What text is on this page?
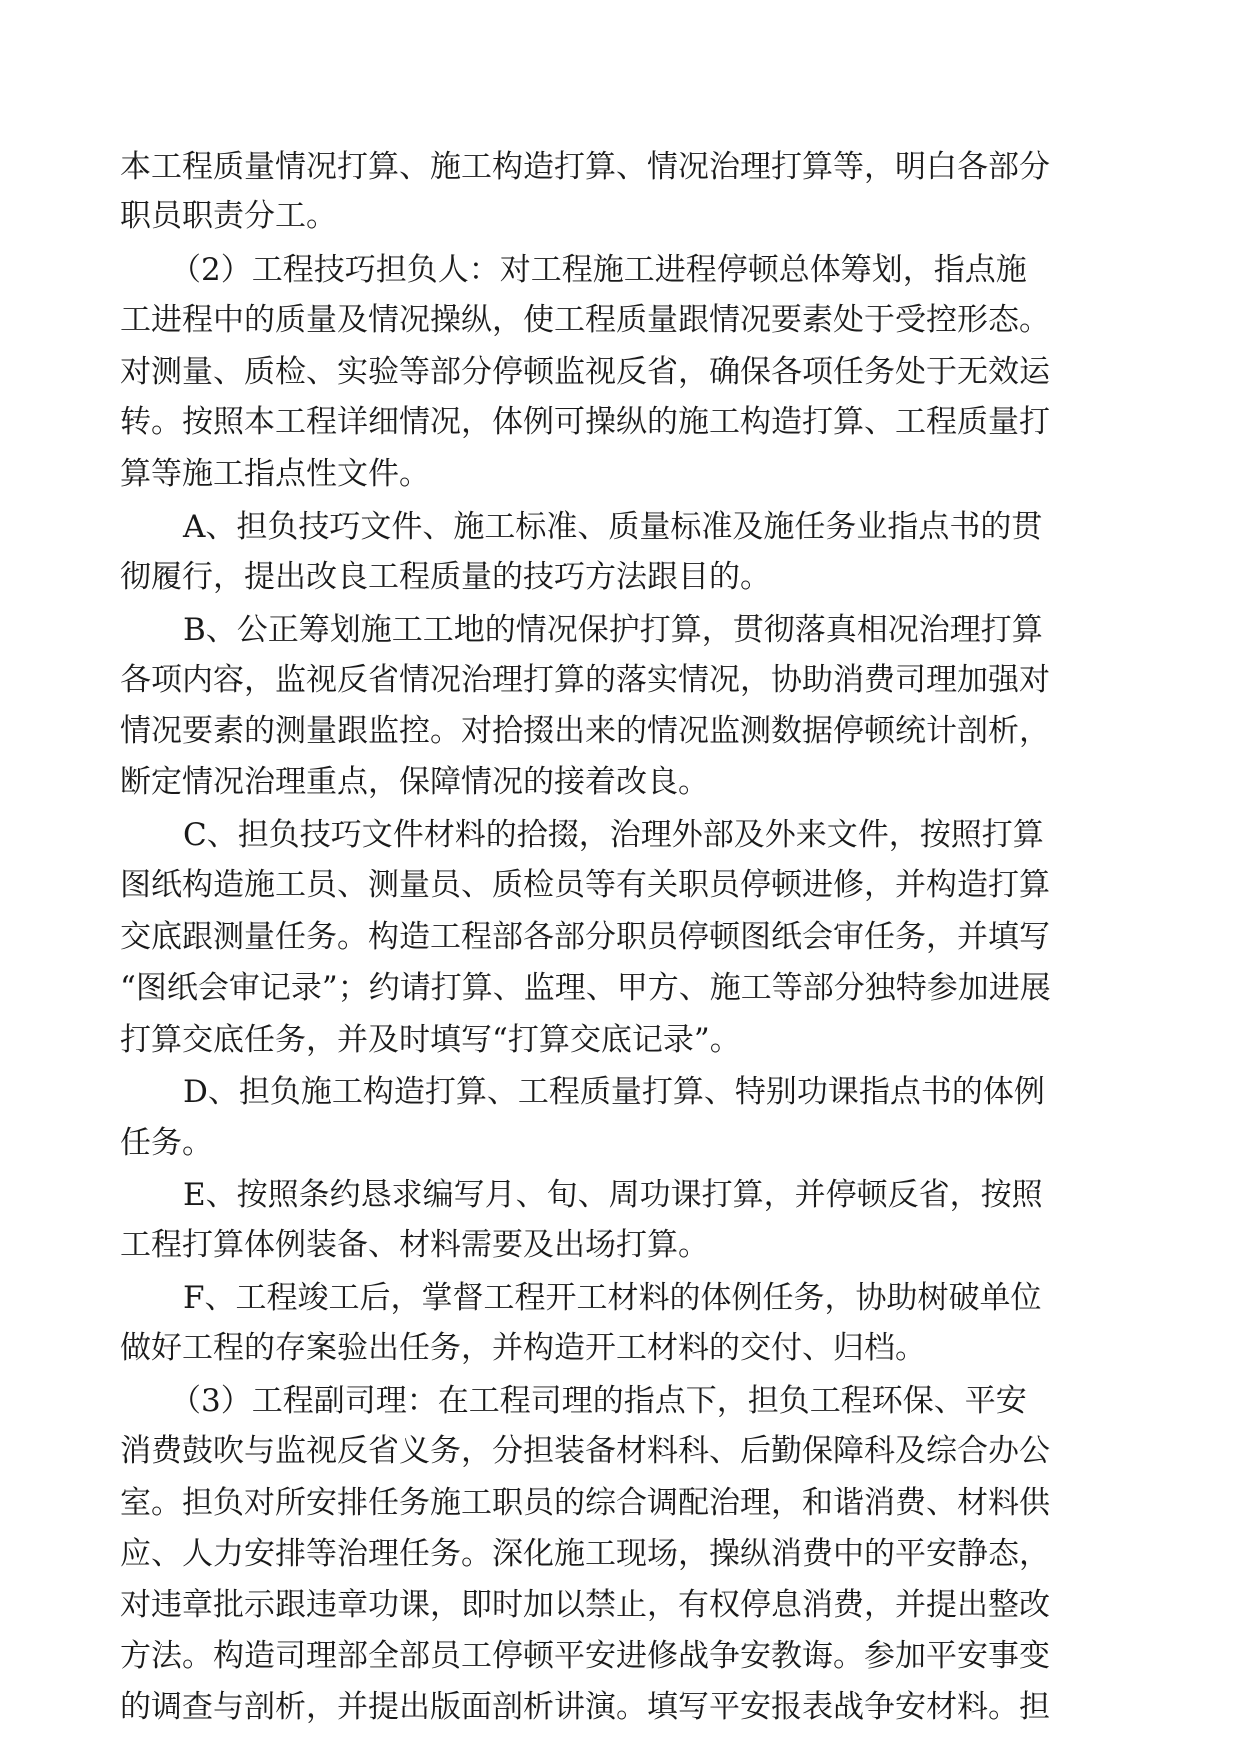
本工程质量情况打算、施工构造打算、情况治理打算等，明白各部分
职员职责分工。
（2）工程技巧担负人：对工程施工进程停顿总体筹划，指点施
工进程中的质量及情况操纵，使工程质量跟情况要素处于受控形态。
对测量、质检、实验等部分停顿监视反省，确保各项任务处于无效运
转。按照本工程详细情况，体例可操纵的施工构造打算、工程质量打
算等施工指点性文件。
A、担负技巧文件、施工标准、质量标准及施任务业指点书的贯
彻履行，提出改良工程质量的技巧方法跟目的。
B、公正筹划施工工地的情况保护打算，贯彻落真相况治理打算
各项内容，监视反省情况治理打算的落实情况，协助消费司理加强对
情况要素的测量跟监控。对拾掇出来的情况监测数据停顿统计剖析，
断定情况治理重点，保障情况的接着改良。
C、担负技巧文件材料的拾掇，治理外部及外来文件，按照打算
图纸构造施工员、测量员、质检员等有关职员停顿进修，并构造打算
交底跟测量任务。构造工程部各部分职员停顿图纸会审任务，并填写
“图纸会审记录”；约请打算、监理、甲方、施工等部分独特参加进展
打算交底任务，并及时填写“打算交底记录”。
D、担负施工构造打算、工程质量打算、特别功课指点书的体例
任务。
E、按照条约恳求编写月、旬、周功课打算，并停顿反省，按照
工程打算体例装备、材料需要及出场打算。
F、工程竣工后，掌督工程开工材料的体例任务，协助树破单位
做好工程的存案验出任务，并构造开工材料的交付、归档。
（3）工程副司理：在工程司理的指点下，担负工程环保、平安
消费鼓吹与监视反省义务，分担装备材料科、后勤保障科及综合办公
室。担负对所安排任务施工职员的综合调配治理，和谐消费、材料供
应、人力安排等治理任务。深化施工现场，操纵消费中的平安静态，
对违章批示跟违章功课，即时加以禁止，有权停息消费，并提出整改
方法。构造司理部全部员工停顿平安进修战争安教诲。参加平安事变
的调查与剖析，并提出版面剖析讲演。填写平安报表战争安材料。担
